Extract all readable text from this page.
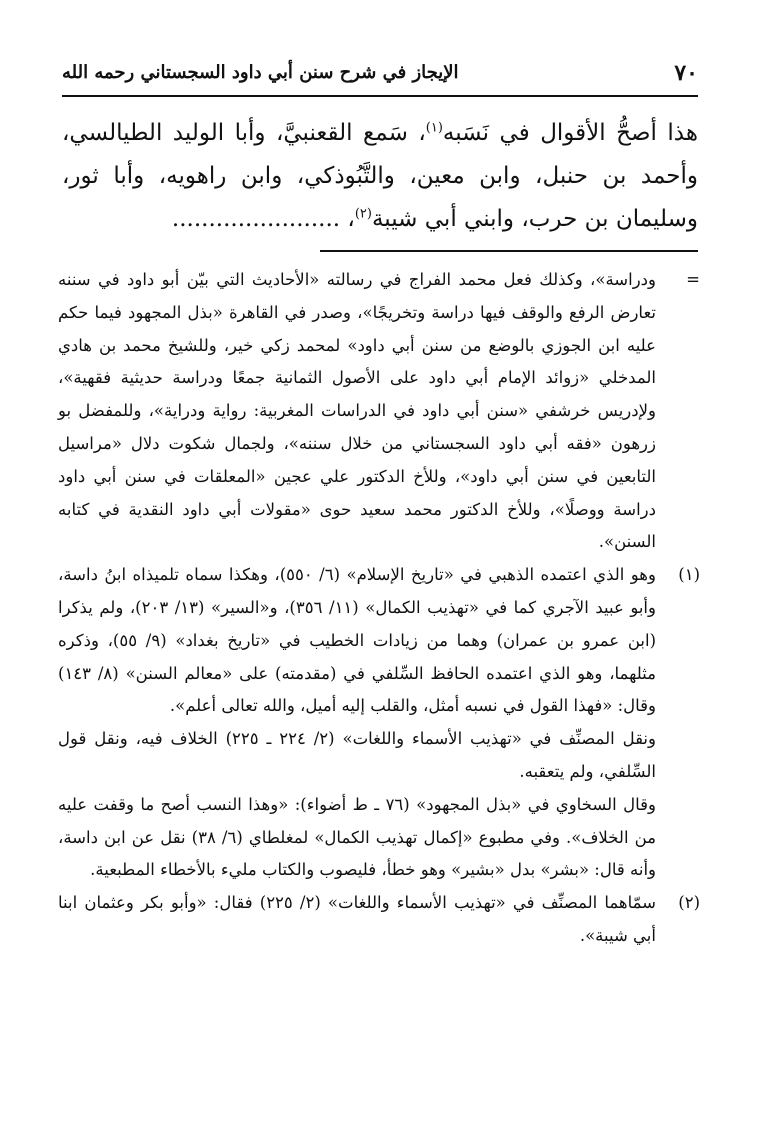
٧٠
الإيجاز في شرح سنن أبي داود السجستاني رحمه الله

هذا أصحُّ الأقوال في نَسَبه$^{(١)}$، سَمع القعنبيَّ، وأبا الوليد الطيالسي، وأحمد بن حنبل، وابن معين، والتَّبُوذكي، وابن راهويه، وأبا ثور، وسليمان بن حرب، وابني أبي شيبة$^{(٢)}$، .......................

=

ودراسة»، وكذلك فعل محمد الفراج في رسالته «الأحاديث التي بيّن أبو داود في سننه تعارض الرفع والوقف فيها دراسة وتخريجًا»، وصدر في القاهرة «بذل المجهود فيما حكم عليه ابن الجوزي بالوضع من سنن أبي داود» لمحمد زكي خير، وللشيخ محمد بن هادي المدخلي «زوائد الإمام أبي داود على الأصول الثمانية جمعًا ودراسة حديثية فقهية»، ولإدريس خرشفي «سنن أبي داود في الدراسات المغربية: رواية ودراية»، وللمفضل بو زرهون «فقه أبي داود السجستاني من خلال سننه»، ولجمال شكوت دلال «مراسيل التابعين في سنن أبي داود»، وللأخ الدكتور علي عجين «المعلقات في سنن أبي داود دراسة ووصلًا»، وللأخ الدكتور محمد سعيد حوى «مقولات أبي داود النقدية في كتابه السنن».

(١)

وهو الذي اعتمده الذهبي في «تاريخ الإسلام» (٦/ ٥٥٠)، وهكذا سماه تلميذاه ابنُ داسة، وأبو عبيد الآجري كما في «تهذيب الكمال» (١١/ ٣٥٦)، و«السير» (١٣/ ٢٠٣)، ولم يذكرا (ابن عمرو بن عمران) وهما من زيادات الخطيب في «تاريخ بغداد» (٩/ ٥٥)، وذكره مثلهما، وهو الذي اعتمده الحافظ السِّلفي في (مقدمته) على «معالم السنن» (٨/ ١٤٣) وقال: «فهذا القول في نسبه أمثل، والقلب إليه أميل، والله تعالى أعلم».

ونقل المصنِّف في «تهذيب الأسماء واللغات» (٢/ ٢٢٤ ـ ٢٢٥) الخلاف فيه، ونقل قول السِّلفي، ولم يتعقبه.

وقال السخاوي في «بذل المجهود» (٧٦ ـ ط أضواء): «وهذا النسب أصح ما وقفت عليه من الخلاف». وفي مطبوع «إكمال تهذيب الكمال» لمغلطاي (٦/ ٣٨) نقل عن ابن داسة، وأنه قال: «بشر» بدل «بشير» وهو خطأ، فليصوب والكتاب مليء بالأخطاء المطبعية.

(٢)

سمّاهما المصنِّف في «تهذيب الأسماء واللغات» (٢/ ٢٢٥) فقال: «وأبو بكر وعثمان ابنا أبي شيبة».
